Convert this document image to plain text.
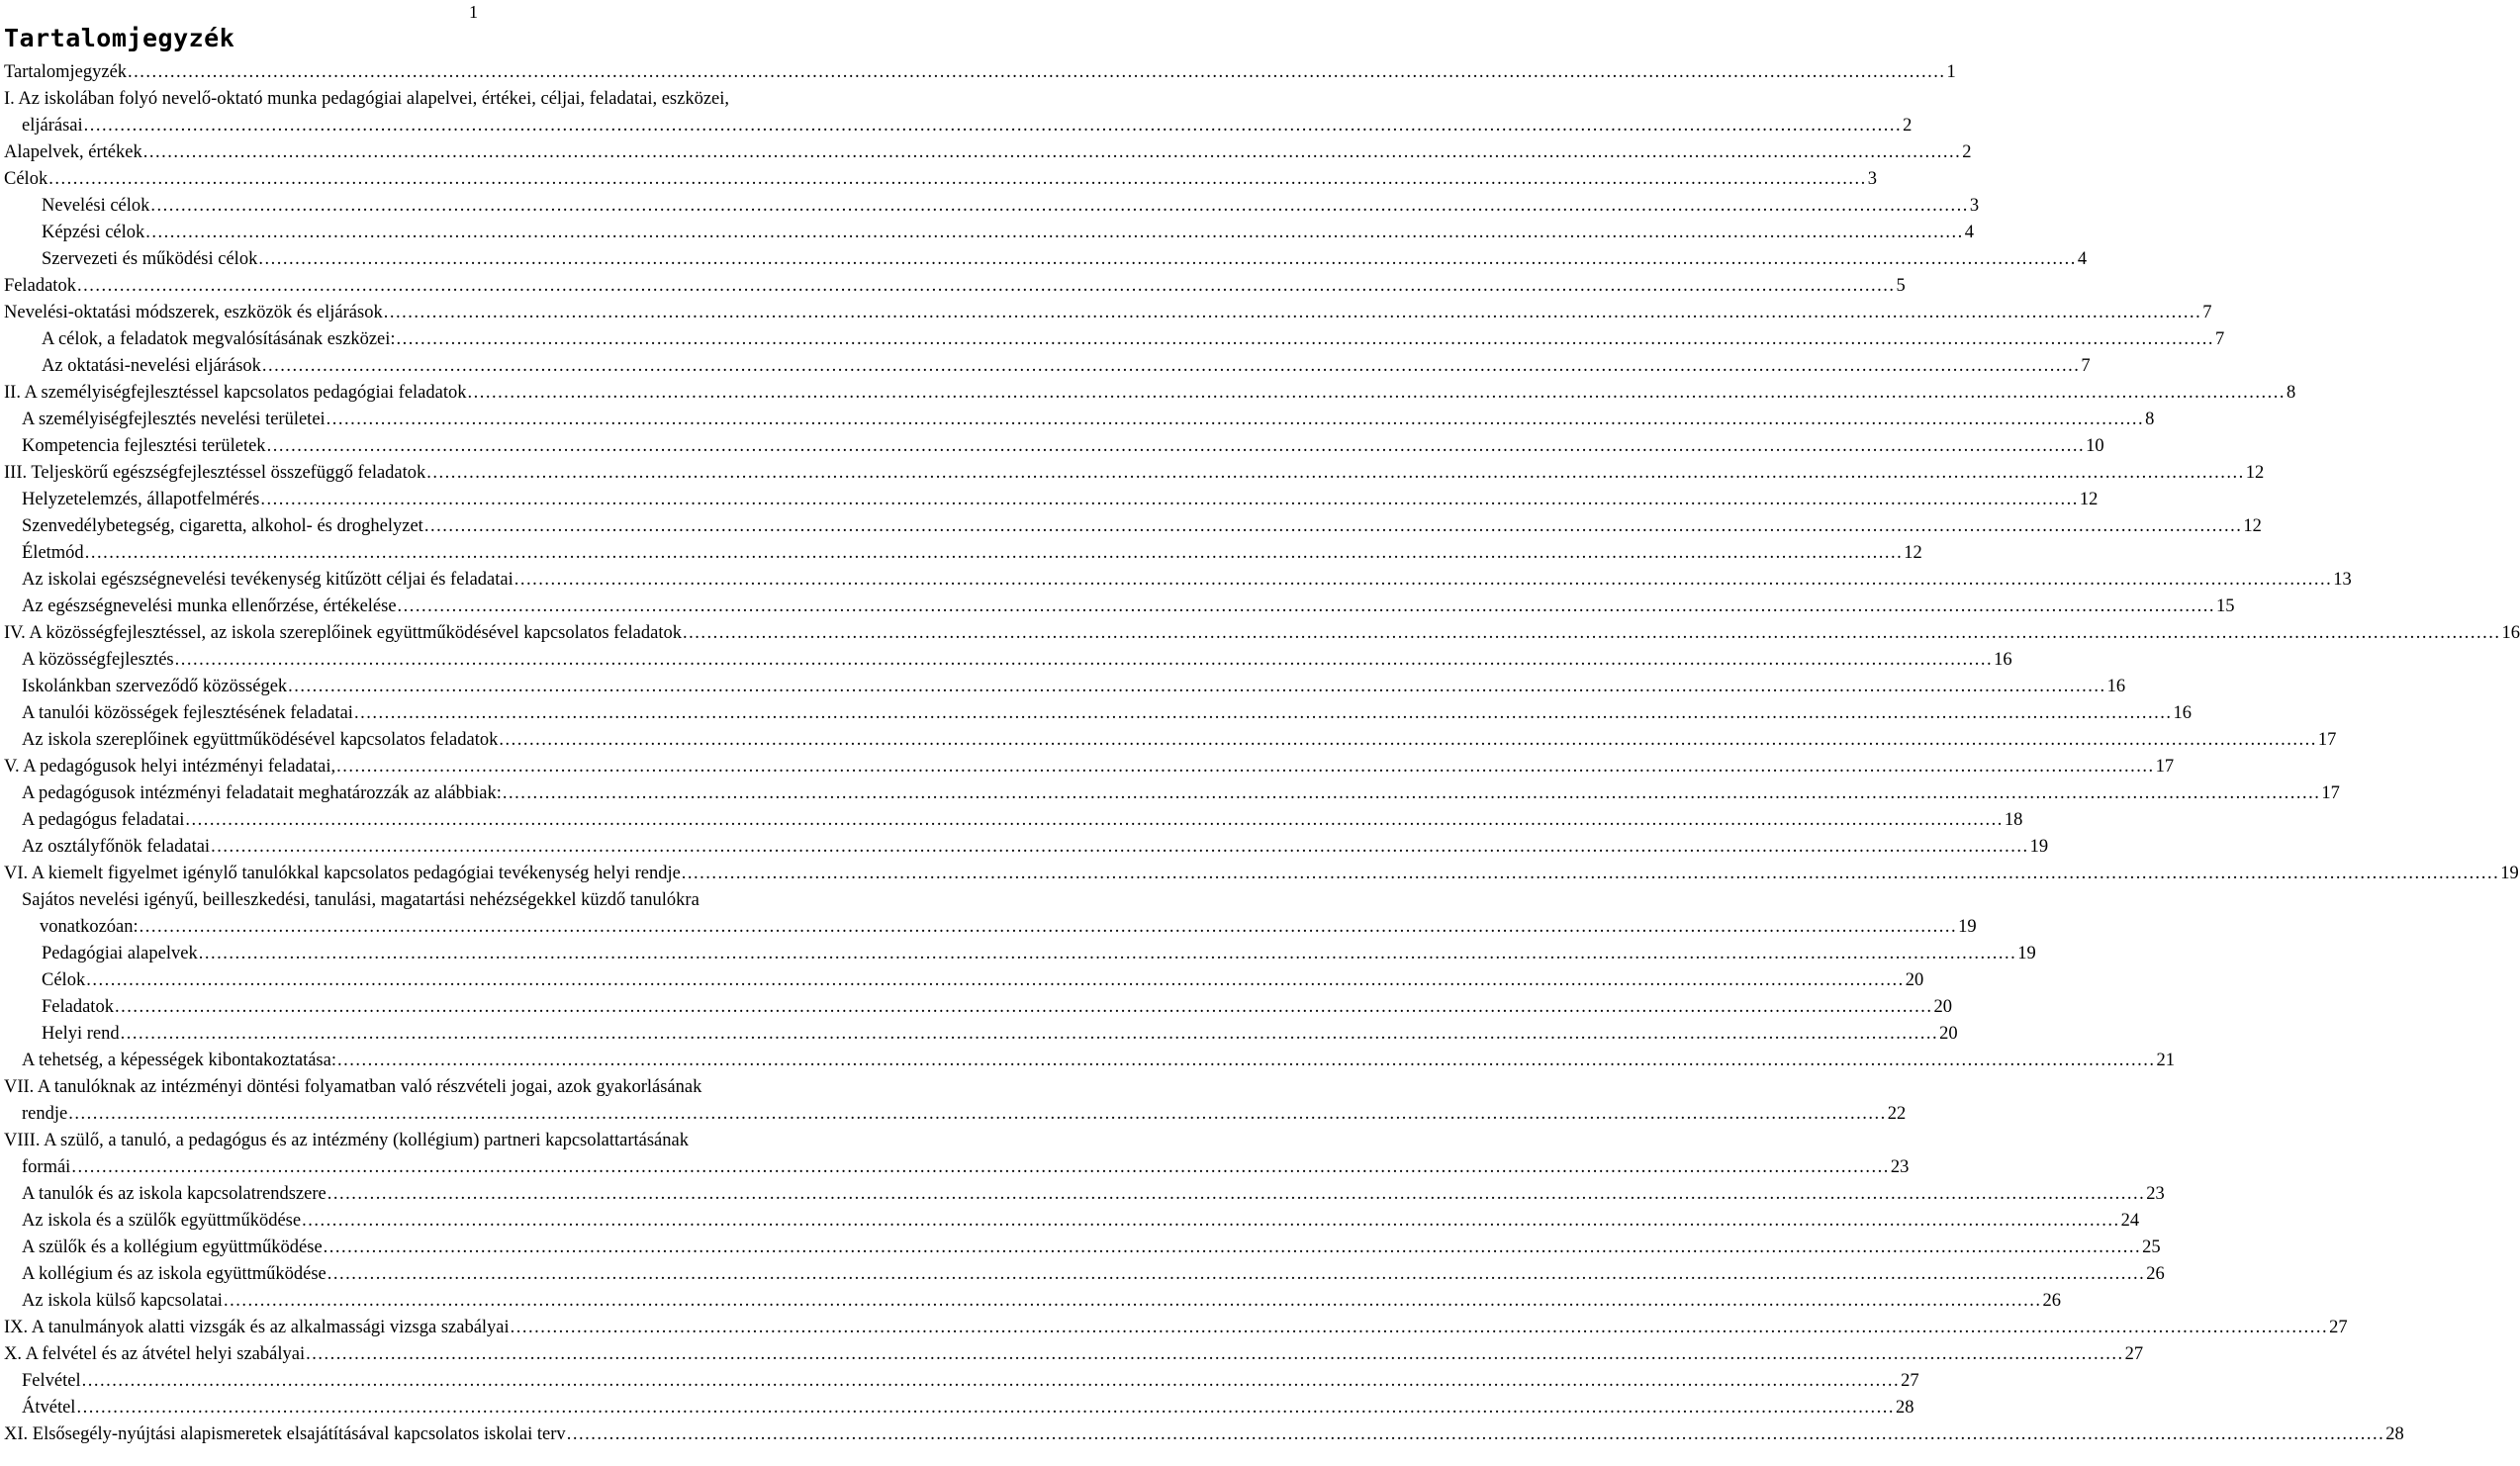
1
Tartalomjegyzék
Tartalomjegyzék ............................................................................................................................................................................................................................................................................................................ 1
I. Az iskolában folyó nevelő-oktató munka pedagógiai alapelvei, értékei, céljai, feladatai, eszközei,
eljárásai ............................................................................................................................................................................................................................................................................................................ 2
Alapelvek, értékek ............................................................................................................................................................................................................................................................................................................ 2
Célok ............................................................................................................................................................................................................................................................................................................ 3
Nevelési célok ............................................................................................................................................................................................................................................................................................................ 3
Képzési célok ............................................................................................................................................................................................................................................................................................................ 4
Szervezeti és működési célok ............................................................................................................................................................................................................................................................................................................ 4
Feladatok ............................................................................................................................................................................................................................................................................................................ 5
Nevelési-oktatási módszerek, eszközök és eljárások ............................................................................................................................................................................................................................................................................................................ 7
A célok, a feladatok megvalósításának eszközei: ............................................................................................................................................................................................................................................................................................................ 7
Az oktatási-nevelési eljárások ............................................................................................................................................................................................................................................................................................................ 7
II. A személyiségfejlesztéssel kapcsolatos pedagógiai feladatok ............................................................................................................................................................................................................................................................................................................ 8
A személyiségfejlesztés nevelési területei ............................................................................................................................................................................................................................................................................................................ 8
Kompetencia fejlesztési területek ............................................................................................................................................................................................................................................................................................................ 10
III. Teljeskörű egészségfejlesztéssel összefüggő feladatok ............................................................................................................................................................................................................................................................................................................ 12
Helyzetelemzés, állapotfelmérés ............................................................................................................................................................................................................................................................................................................ 12
Szenvedélybetegség, cigaretta, alkohol- és droghelyzet ............................................................................................................................................................................................................................................................................................................ 12
Életmód ............................................................................................................................................................................................................................................................................................................ 12
Az iskolai egészségnevelési tevékenység kitűzött céljai és feladatai ............................................................................................................................................................................................................................................................................................................ 13
Az egészségnevelési munka ellenőrzése, értékelése ............................................................................................................................................................................................................................................................................................................ 15
IV. A közösségfejlesztéssel, az iskola szereplőinek együttműködésével kapcsolatos feladatok ............................................................................................................................................................................................................................................................................................................ 16
A közösségfejlesztés ............................................................................................................................................................................................................................................................................................................ 16
Iskolánkban szerveződő közösségek ............................................................................................................................................................................................................................................................................................................ 16
A tanulói közösségek fejlesztésének feladatai ............................................................................................................................................................................................................................................................................................................ 16
Az iskola szereplőinek együttműködésével kapcsolatos feladatok ............................................................................................................................................................................................................................................................................................................ 17
V. A pedagógusok helyi intézményi feladatai, ............................................................................................................................................................................................................................................................................................................ 17
A pedagógusok intézményi feladatait meghatározzák az alábbiak: ............................................................................................................................................................................................................................................................................................................ 17
A pedagógus feladatai ............................................................................................................................................................................................................................................................................................................ 18
Az osztályfőnök feladatai ............................................................................................................................................................................................................................................................................................................ 19
VI. A kiemelt figyelmet igénylő tanulókkal kapcsolatos pedagógiai tevékenység helyi rendje ............................................................................................................................................................................................................................................................................................................ 19
Sajátos nevelési igényű, beilleszkedési, tanulási, magatartási nehézségekkel küzdő tanulókra
vonatkozóan: ............................................................................................................................................................................................................................................................................................................ 19
Pedagógiai alapelvek ............................................................................................................................................................................................................................................................................................................ 19
Célok ............................................................................................................................................................................................................................................................................................................ 20
Feladatok ............................................................................................................................................................................................................................................................................................................ 20
Helyi rend ............................................................................................................................................................................................................................................................................................................ 20
A tehetség, a képességek kibontakoztatása: ............................................................................................................................................................................................................................................................................................................ 21
VII. A tanulóknak az intézményi döntési folyamatban való részvételi jogai, azok gyakorlásának
rendje ............................................................................................................................................................................................................................................................................................................ 22
VIII. A szülő, a tanuló, a pedagógus és az intézmény (kollégium) partneri kapcsolattartásának
formái ............................................................................................................................................................................................................................................................................................................ 23
A tanulók és az iskola kapcsolatrendszere ............................................................................................................................................................................................................................................................................................................ 23
Az iskola és a szülők együttműködése ............................................................................................................................................................................................................................................................................................................ 24
A szülők és a kollégium együttműködése ............................................................................................................................................................................................................................................................................................................ 25
A kollégium és az iskola együttműködése ............................................................................................................................................................................................................................................................................................................ 26
Az iskola külső kapcsolatai ............................................................................................................................................................................................................................................................................................................ 26
IX. A tanulmányok alatti vizsgák és az alkalmassági vizsga szabályai ............................................................................................................................................................................................................................................................................................................ 27
X. A felvétel és az átvétel helyi szabályai ............................................................................................................................................................................................................................................................................................................ 27
Felvétel ............................................................................................................................................................................................................................................................................................................ 27
Átvétel ............................................................................................................................................................................................................................................................................................................ 28
XI. Elsősegély-nyújtási alapismeretek elsajátításával kapcsolatos iskolai terv ............................................................................................................................................................................................................................................................................................................ 28
